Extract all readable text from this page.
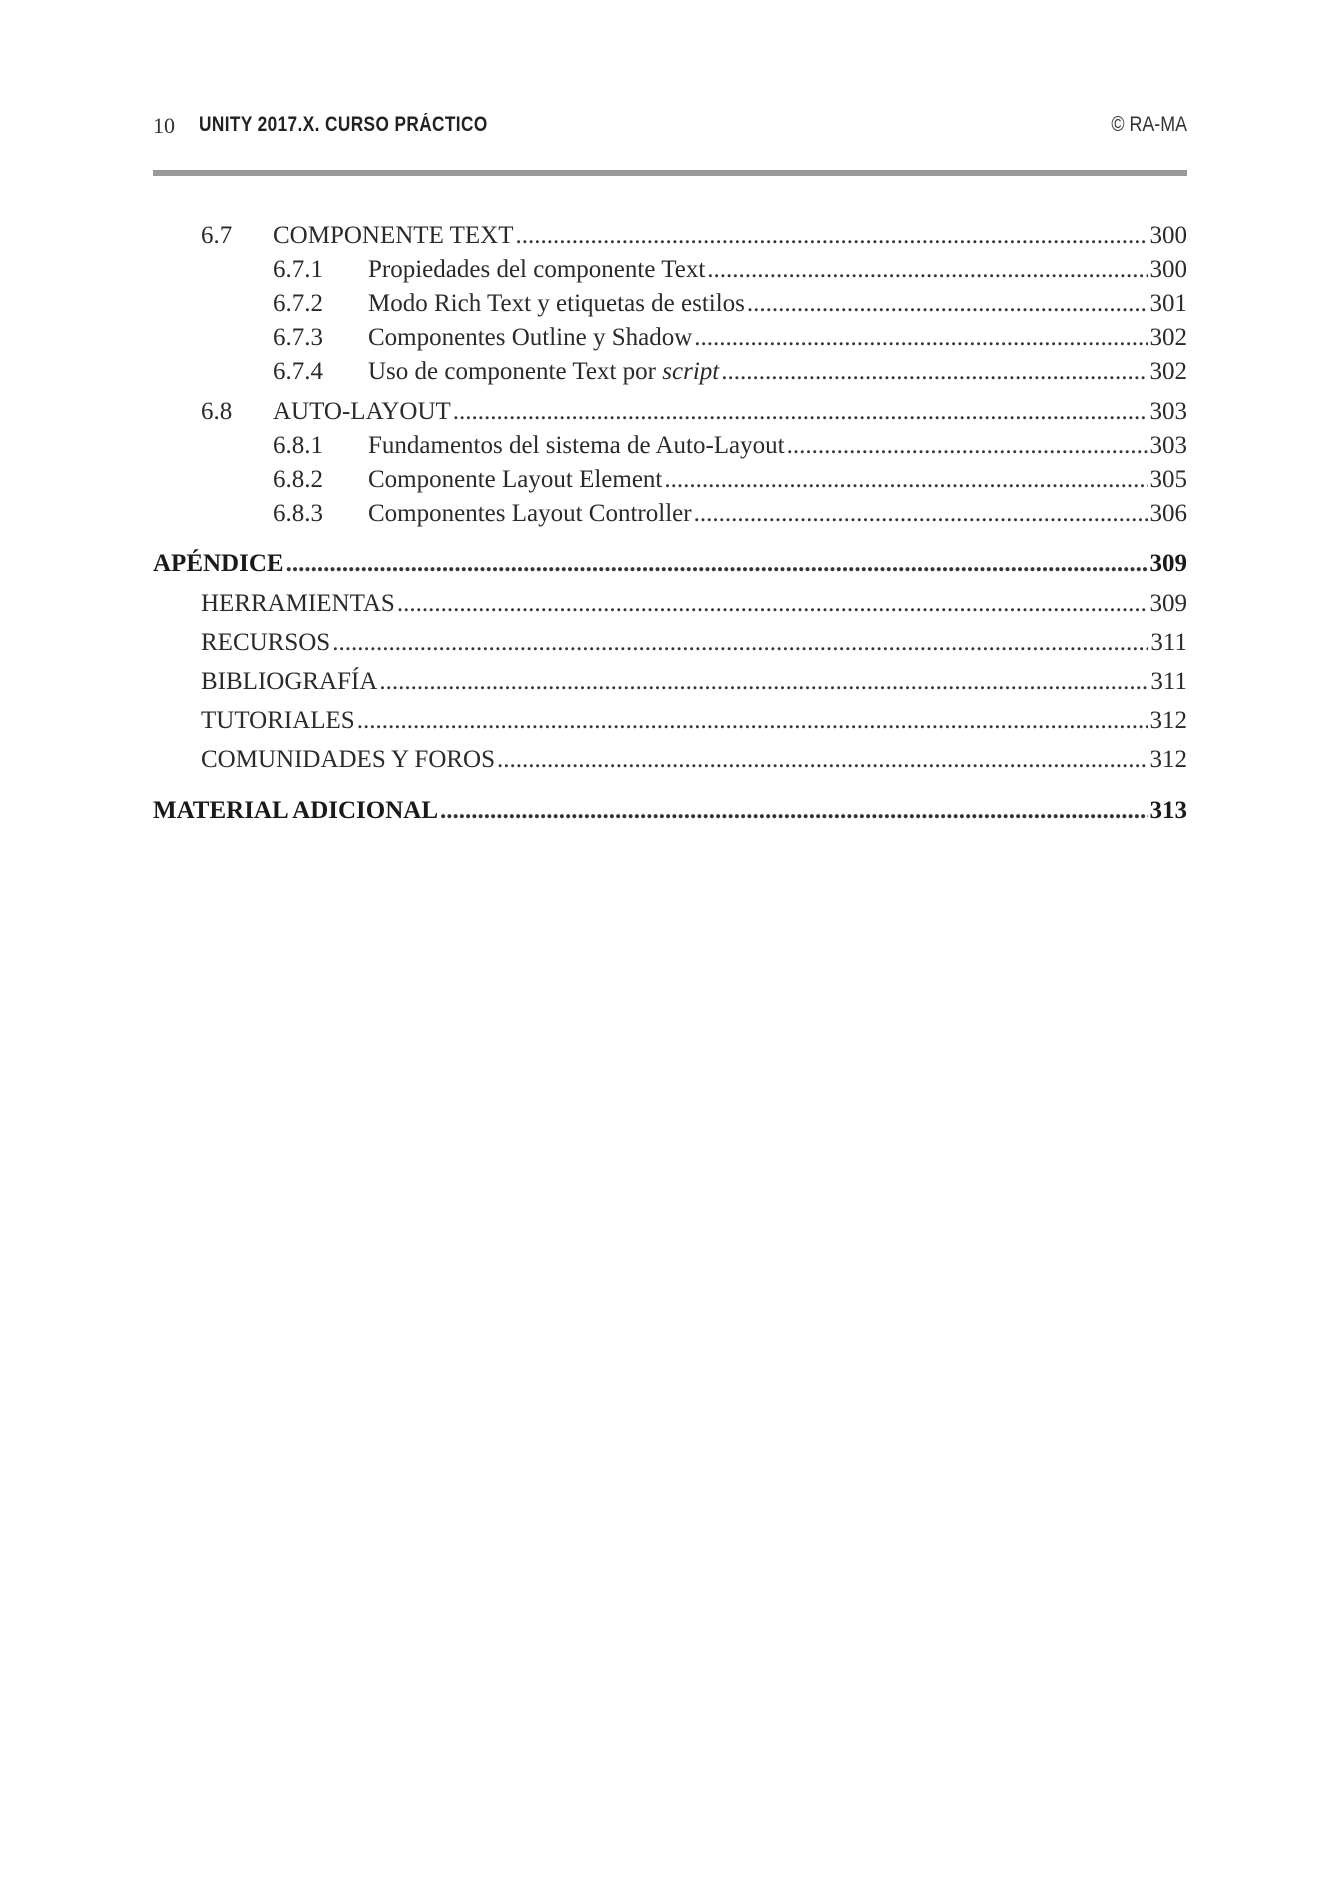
10 UNITY 2017.X. CURSO PRÁCTICO	© RA-MA
6.7 COMPONENTE TEXT .....	300
6.7.1 Propiedades del componente Text .....	300
6.7.2 Modo Rich Text y etiquetas de estilos .....	301
6.7.3 Componentes Outline y Shadow .....	302
6.7.4 Uso de componente Text por script .....	302
6.8 AUTO-LAYOUT .....	303
6.8.1 Fundamentos del sistema de Auto-Layout .....	303
6.8.2 Componente Layout Element .....	305
6.8.3 Componentes Layout Controller .....	306
APÉNDICE .....	309
HERRAMIENTAS .....	309
RECURSOS .....	311
BIBLIOGRAFÍA .....	311
TUTORIALES .....	312
COMUNIDADES Y FOROS .....	312
MATERIAL ADICIONAL .....	313
